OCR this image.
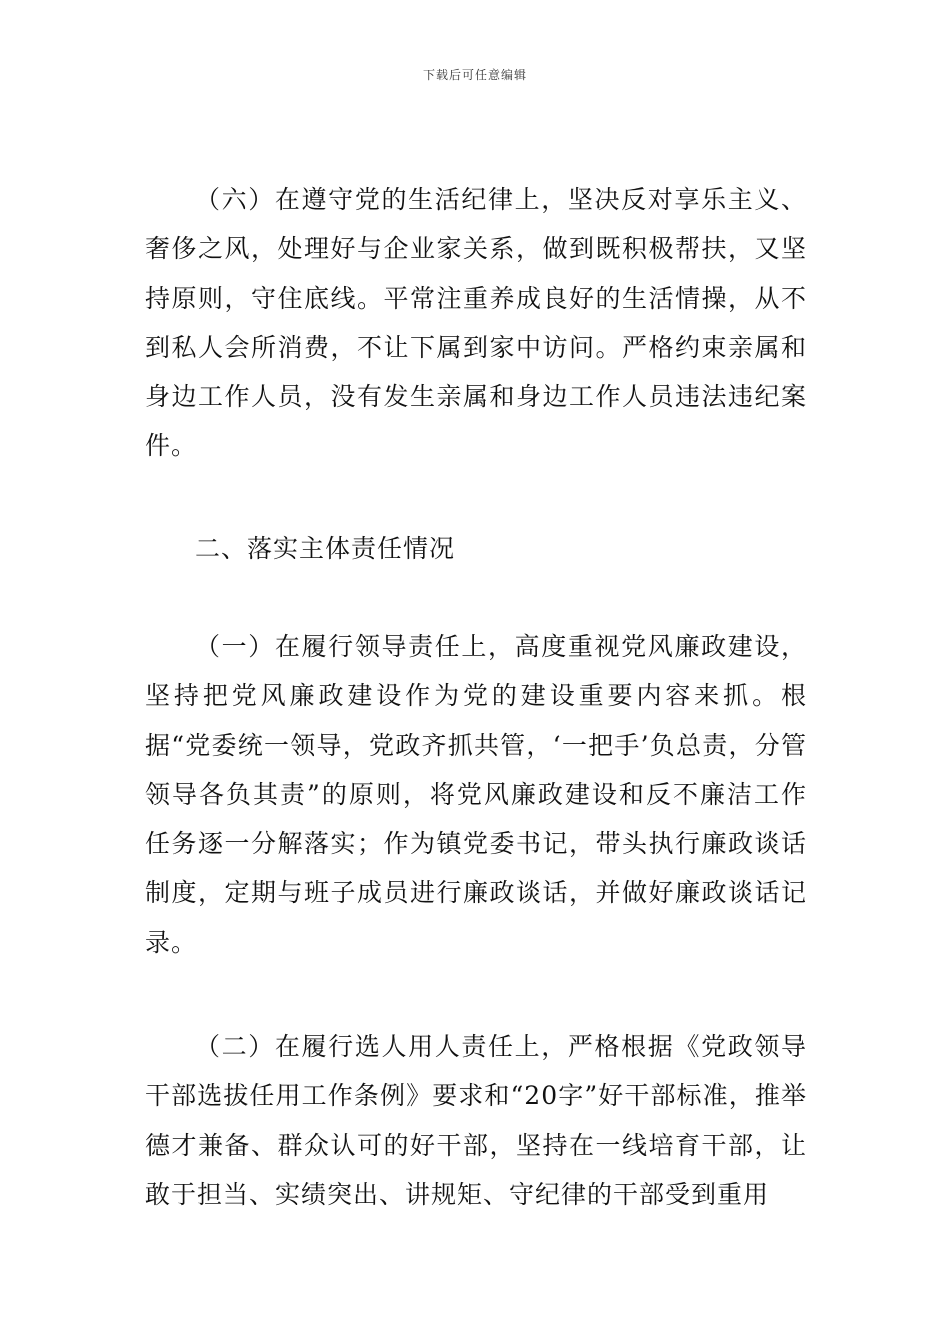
下载后可任意编辑

（六）在遵守党的生活纪律上，坚决反对享乐主义、奢侈之风，处理好与企业家关系，做到既积极帮扶，又坚持原则，守住底线。平常注重养成良好的生活情操，从不到私人会所消费，不让下属到家中访问。严格约束亲属和身边工作人员，没有发生亲属和身边工作人员违法违纪案件。

二、落实主体责任情况

（一）在履行领导责任上，高度重视党风廉政建设，坚持把党风廉政建设作为党的建设重要内容来抓。根据“党委统一领导，党政齐抓共管，‘一把手’负总责，分管领导各负其责”的原则，将党风廉政建设和反不廉洁工作任务逐一分解落实；作为镇党委书记，带头执行廉政谈话制度，定期与班子成员进行廉政谈话，并做好廉政谈话记录。

（二）在履行选人用人责任上，严格根据《党政领导干部选拔任用工作条例》要求和“20字”好干部标准，推举德才兼备、群众认可的好干部，坚持在一线培育干部，让敢于担当、实绩突出、讲规矩、守纪律的干部受到重用
